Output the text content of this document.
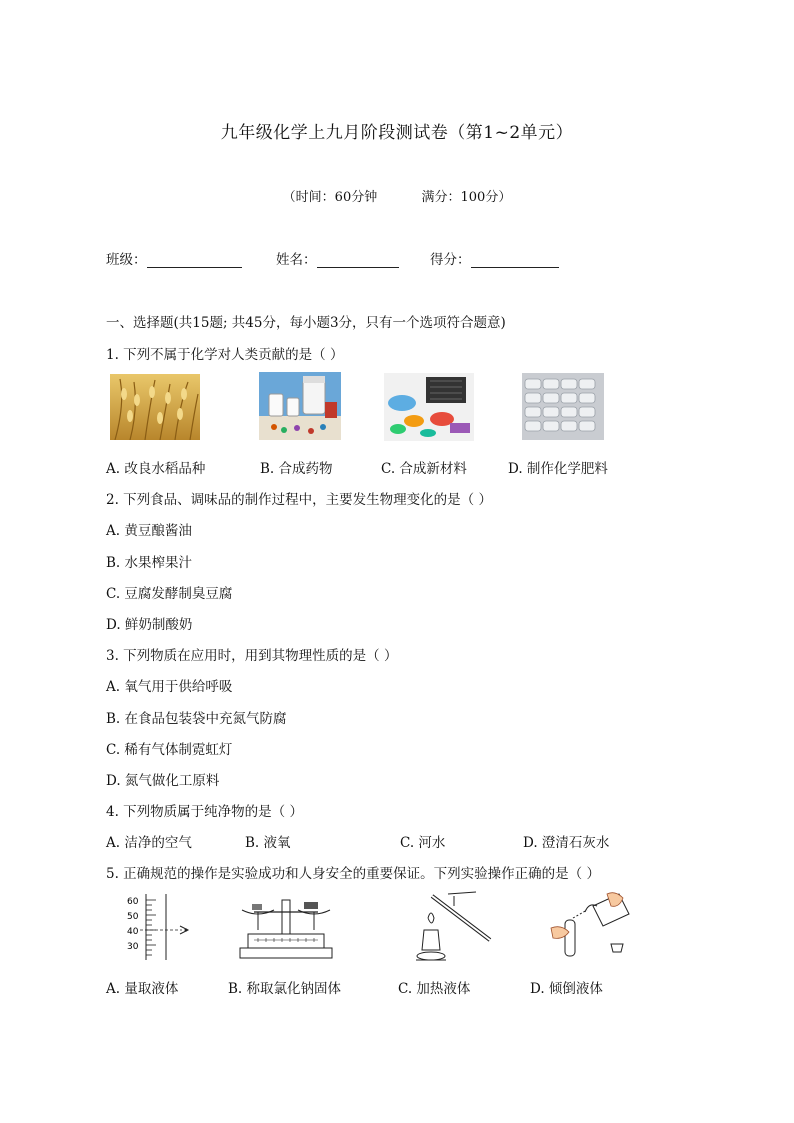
九年级化学上九月阶段测试卷（第1~2单元）
（时间：60分钟	满分：100分）
班级：	姓名：	得分：
一、选择题(共15题; 共45分，每小题3分，只有一个选项符合题意)
1. 下列不属于化学对人类贡献的是（ ）
A. 改良水稻品种	B. 合成药物	C. 合成新材料	D. 制作化学肥料
2. 下列食品、调味品的制作过程中，主要发生物理变化的是（ ）
A. 黄豆酿酱油
B. 水果榨果汁
C. 豆腐发酵制臭豆腐
D. 鲜奶制酸奶
3. 下列物质在应用时，用到其物理性质的是（ ）
A. 氧气用于供给呼吸
B. 在食品包装袋中充氮气防腐
C. 稀有气体制霓虹灯
D. 氮气做化工原料
4. 下列物质属于纯净物的是（ ）
A. 洁净的空气	B. 液氧	C. 河水	D. 澄清石灰水
5. 正确规范的操作是实验成功和人身安全的重要保证。下列实验操作正确的是（ ）
60
50
40
30
A. 量取液体	B. 称取氯化钠固体	C. 加热液体	D. 倾倒液体
